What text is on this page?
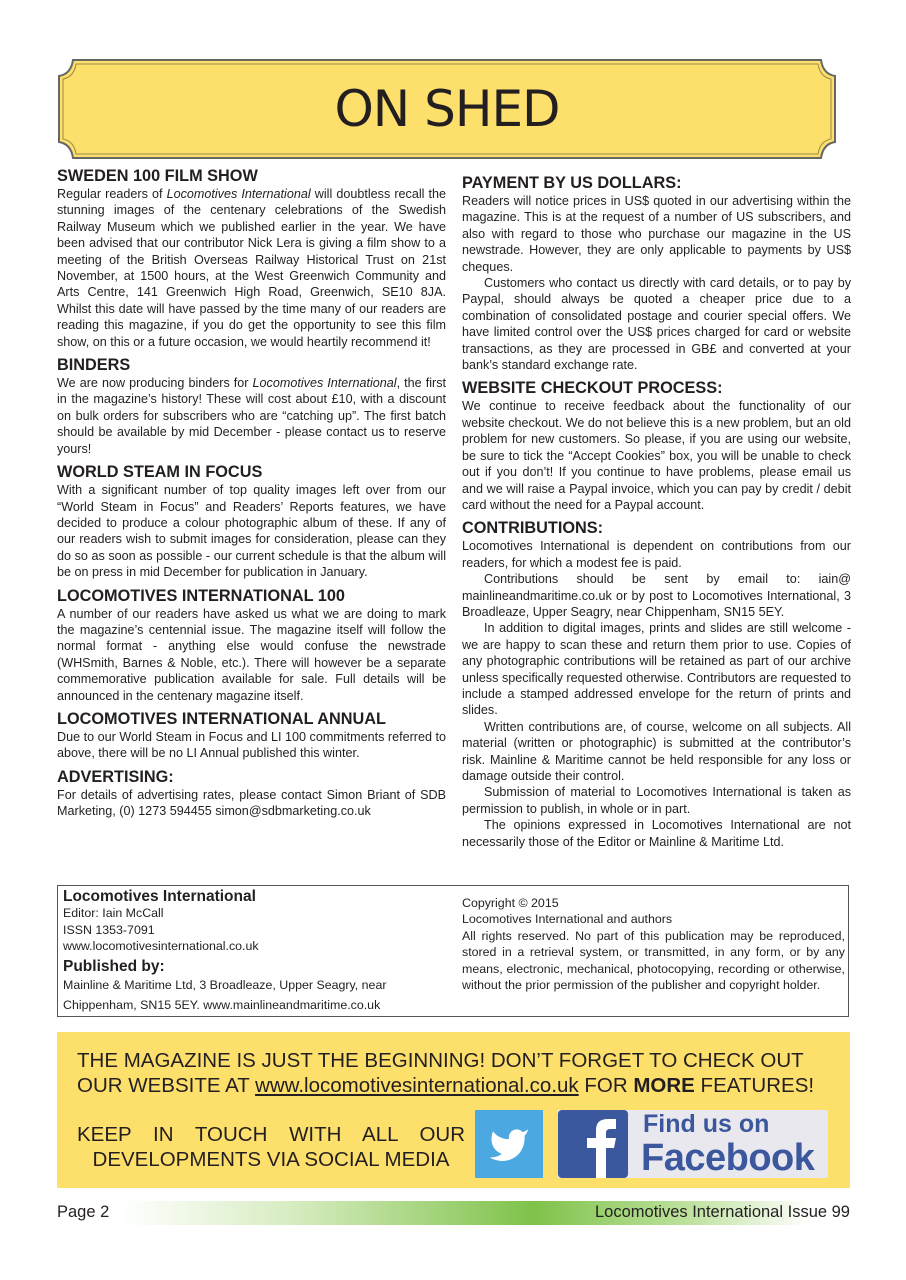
ON SHED
SWEDEN 100 FILM SHOW

Regular readers of Locomotives International will doubtless recall the stunning images of the centenary celebrations of the Swedish Railway Museum which we published earlier in the year. We have been advised that our contributor Nick Lera is giving a film show to a meeting of the British Overseas Railway Historical Trust on 21st November, at 1500 hours, at the West Greenwich Community and Arts Centre, 141 Greenwich High Road, Greenwich, SE10 8JA. Whilst this date will have passed by the time many of our readers are reading this magazine, if you do get the opportunity to see this film show, on this or a future occasion, we would heartily recommend it!

BINDERS

We are now producing binders for Locomotives International, the first in the magazine’s history! These will cost about £10, with a discount on bulk orders for subscribers who are “catching up”. The first batch should be available by mid December - please contact us to reserve yours!

WORLD STEAM IN FOCUS

With a significant number of top quality images left over from our “World Steam in Focus” and Readers’ Reports features, we have decided to produce a colour photographic album of these. If any of our readers wish to submit images for consideration, please can they do so as soon as possible - our current schedule is that the album will be on press in mid December for publication in January.

LOCOMOTIVES INTERNATIONAL 100

A number of our readers have asked us what we are doing to mark the magazine’s centennial issue. The magazine itself will follow the normal format - anything else would confuse the newstrade (WHSmith, Barnes & Noble, etc.). There will however be a separate commemorative publication available for sale. Full details will be announced in the centenary magazine itself.

LOCOMOTIVES INTERNATIONAL ANNUAL

Due to our World Steam in Focus and LI 100 commitments referred to above, there will be no LI Annual published this winter.

ADVERTISING:

For details of advertising rates, please contact Simon Briant of SDB Marketing, (0) 1273 594455 simon@sdbmarketing.co.uk

PAYMENT BY US DOLLARS:

Readers will notice prices in US$ quoted in our advertising within the magazine. This is at the request of a number of US subscribers, and also with regard to those who purchase our magazine in the US newstrade. However, they are only applicable to payments by US$ cheques.

Customers who contact us directly with card details, or to pay by Paypal, should always be quoted a cheaper price due to a combination of consolidated postage and courier special offers. We have limited control over the US$ prices charged for card or website transactions, as they are processed in GB£ and converted at your bank’s standard exchange rate.

WEBSITE CHECKOUT PROCESS:

We continue to receive feedback about the functionality of our website checkout. We do not believe this is a new problem, but an old problem for new customers. So please, if you are using our website, be sure to tick the “Accept Cookies” box, you will be unable to check out if you don’t! If you continue to have problems, please email us and we will raise a Paypal invoice, which you can pay by credit / debit card without the need for a Paypal account.

CONTRIBUTIONS:

Locomotives International is dependent on contributions from our readers, for which a modest fee is paid.

Contributions should be sent by email to: iain@ mainlineandmaritime.co.uk or by post to Locomotives International, 3 Broadleaze, Upper Seagry, near Chippenham, SN15 5EY.

In addition to digital images, prints and slides are still welcome - we are happy to scan these and return them prior to use. Copies of any photographic contributions will be retained as part of our archive unless specifically requested otherwise. Contributors are requested to include a stamped addressed envelope for the return of prints and slides.

Written contributions are, of course, welcome on all subjects. All material (written or photographic) is submitted at the contributor’s risk. Mainline & Maritime cannot be held responsible for any loss or damage outside their control.

Submission of material to Locomotives International is taken as permission to publish, in whole or in part.

The opinions expressed in Locomotives International are not necessarily those of the Editor or Mainline & Maritime Ltd.

Locomotives International
Editor: Iain McCall
ISSN 1353-7091
www.locomotivesinternational.co.uk
Published by:
Mainline & Maritime Ltd, 3 Broadleaze, Upper Seagry, near Chippenham, SN15 5EY. www.mainlineandmaritime.co.uk
Copyright © 2015
Locomotives International and authors
All rights reserved. No part of this publication may be reproduced, stored in a retrieval system, or transmitted, in any form, or by any means, electronic, mechanical, photocopying, recording or otherwise, without the prior permission of the publisher and copyright holder.
THE MAGAZINE IS JUST THE BEGINNING! DON’T FORGET TO CHECK OUT
OUR WEBSITE AT www.locomotivesinternational.co.uk FOR MORE FEATURES!
KEEP IN TOUCH WITH ALL OUR
DEVELOPMENTS VIA SOCIAL MEDIA
Find us on
Facebook
Page 2	Locomotives International Issue 99
